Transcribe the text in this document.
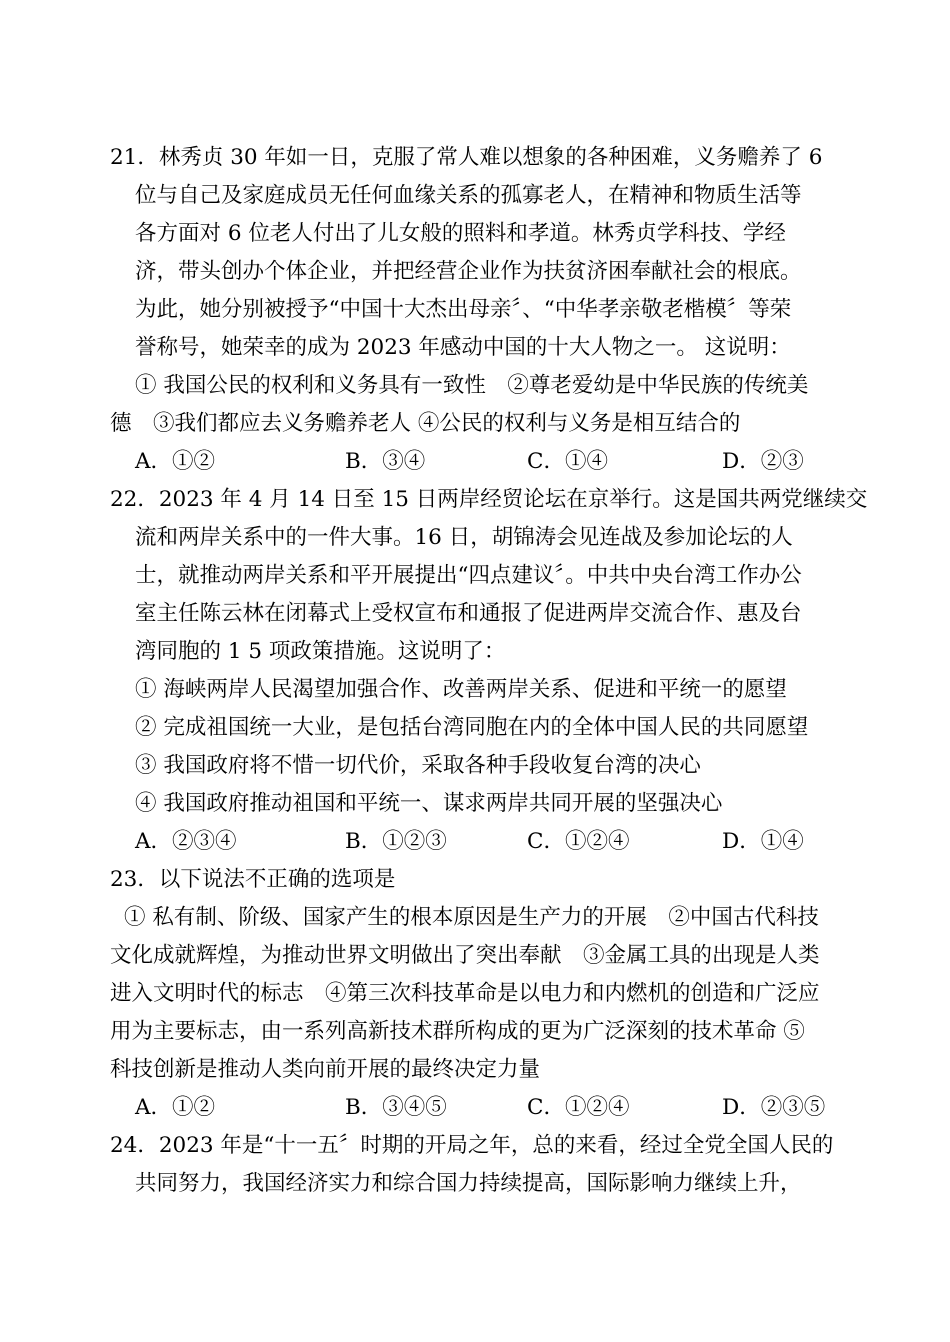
21．林秀贞 30 年如一日，克服了常人难以想象的各种困难，义务赡养了 6
位与自己及家庭成员无任何血缘关系的孤寡老人，在精神和物质生活等
各方面对 6 位老人付出了儿女般的照料和孝道。林秀贞学科技、学经
济，带头创办个体企业，并把经营企业作为扶贫济困奉献社会的根底。
为此，她分别被授予“中国十大杰出母亲〞、“中华孝亲敬老楷模〞等荣
誉称号，她荣幸的成为 2023 年感动中国的十大人物之一。 这说明：
① 我国公民的权利和义务具有一致性　②尊老爱幼是中华民族的传统美
德　③我们都应去义务赡养老人 ④公民的权利与义务是相互结合的
A．①②	B．③④	C．①④	D．②③
22．2023 年 4 月 14 日至 15 日两岸经贸论坛在京举行。这是国共两党继续交
流和两岸关系中的一件大事。16 日，胡锦涛会见连战及参加论坛的人
士，就推动两岸关系和平开展提出“四点建议〞。中共中央台湾工作办公
室主任陈云林在闭幕式上受权宣布和通报了促进两岸交流合作、惠及台
湾同胞的 1 5 项政策措施。这说明了：
① 海峡两岸人民渴望加强合作、改善两岸关系、促进和平统一的愿望
② 完成祖国统一大业，是包括台湾同胞在内的全体中国人民的共同愿望
③ 我国政府将不惜一切代价，采取各种手段收复台湾的决心
④ 我国政府推动祖国和平统一、谋求两岸共同开展的坚强决心
A．②③④	B．①②③	C．①②④	D．①④
23．以下说法不正确的选项是
① 私有制、阶级、国家产生的根本原因是生产力的开展　②中国古代科技
文化成就辉煌，为推动世界文明做出了突出奉献　③金属工具的出现是人类
进入文明时代的标志　④第三次科技革命是以电力和内燃机的创造和广泛应
用为主要标志，由一系列高新技术群所构成的更为广泛深刻的技术革命 ⑤
科技创新是推动人类向前开展的最终决定力量
A．①②	B．③④⑤	C．①②④	D．②③⑤
24．2023 年是“十一五〞时期的开局之年，总的来看，经过全党全国人民的
共同努力，我国经济实力和综合国力持续提高，国际影响力继续上升，
